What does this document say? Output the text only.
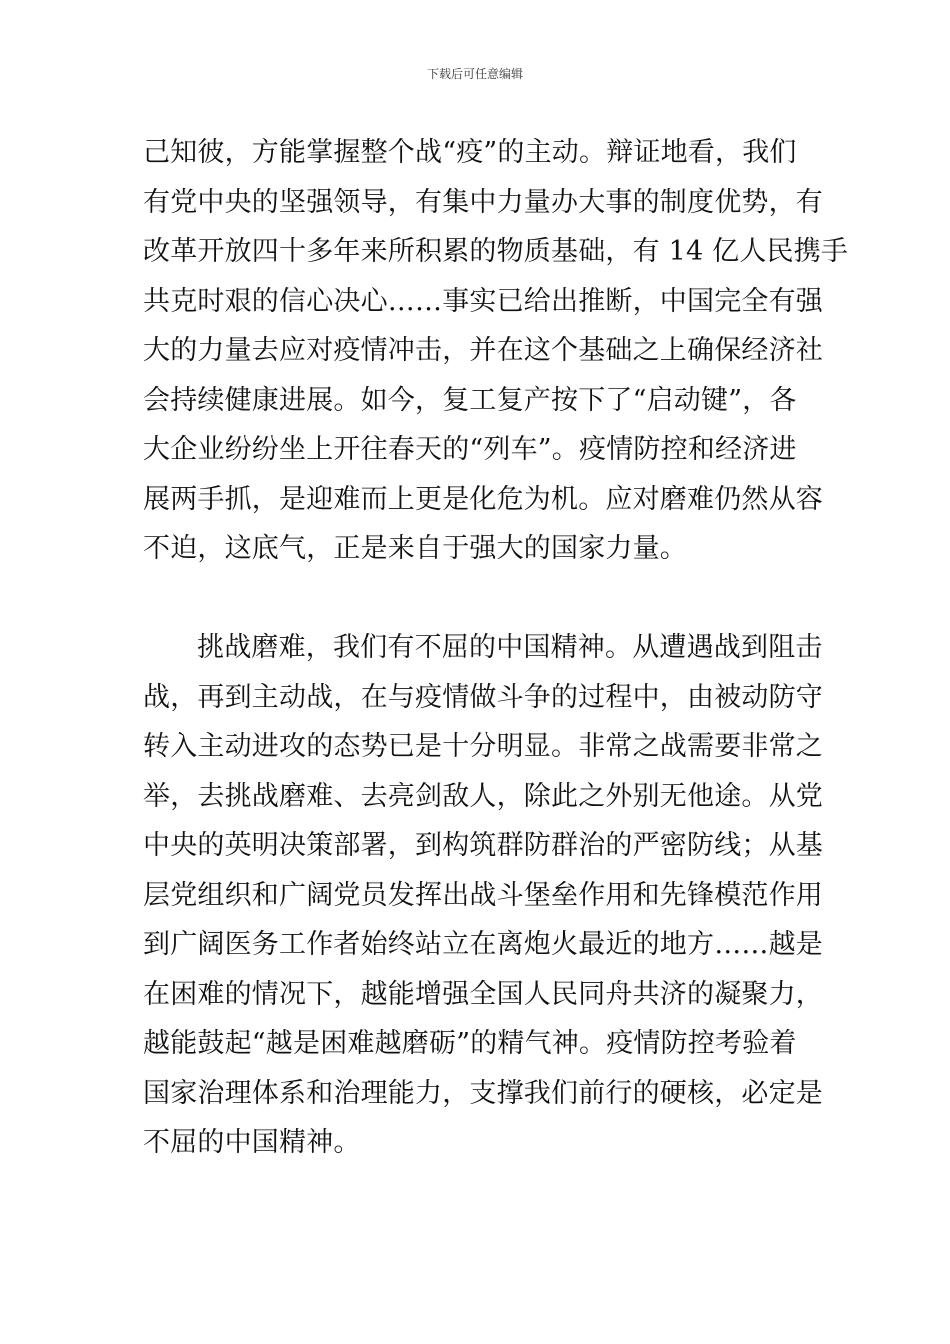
下载后可任意编辑
己知彼，方能掌握整个战“疫”的主动。辩证地看，我们
有党中央的坚强领导，有集中力量办大事的制度优势，有
改革开放四十多年来所积累的物质基础，有 14 亿人民携手
共克时艰的信心决心……事实已给出推断，中国完全有强
大的力量去应对疫情冲击，并在这个基础之上确保经济社
会持续健康进展。如今，复工复产按下了“启动键”，各
大企业纷纷坐上开往春天的“列车”。疫情防控和经济进
展两手抓，是迎难而上更是化危为机。应对磨难仍然从容
不迫，这底气，正是来自于强大的国家力量。
挑战磨难，我们有不屈的中国精神。从遭遇战到阻击
战，再到主动战，在与疫情做斗争的过程中，由被动防守
转入主动进攻的态势已是十分明显。非常之战需要非常之
举，去挑战磨难、去亮剑敌人，除此之外别无他途。从党
中央的英明决策部署，到构筑群防群治的严密防线；从基
层党组织和广阔党员发挥出战斗堡垒作用和先锋模范作用
到广阔医务工作者始终站立在离炮火最近的地方……越是
在困难的情况下，越能增强全国人民同舟共济的凝聚力，
越能鼓起“越是困难越磨砺”的精气神。疫情防控考验着
国家治理体系和治理能力，支撑我们前行的硬核，必定是
不屈的中国精神。
